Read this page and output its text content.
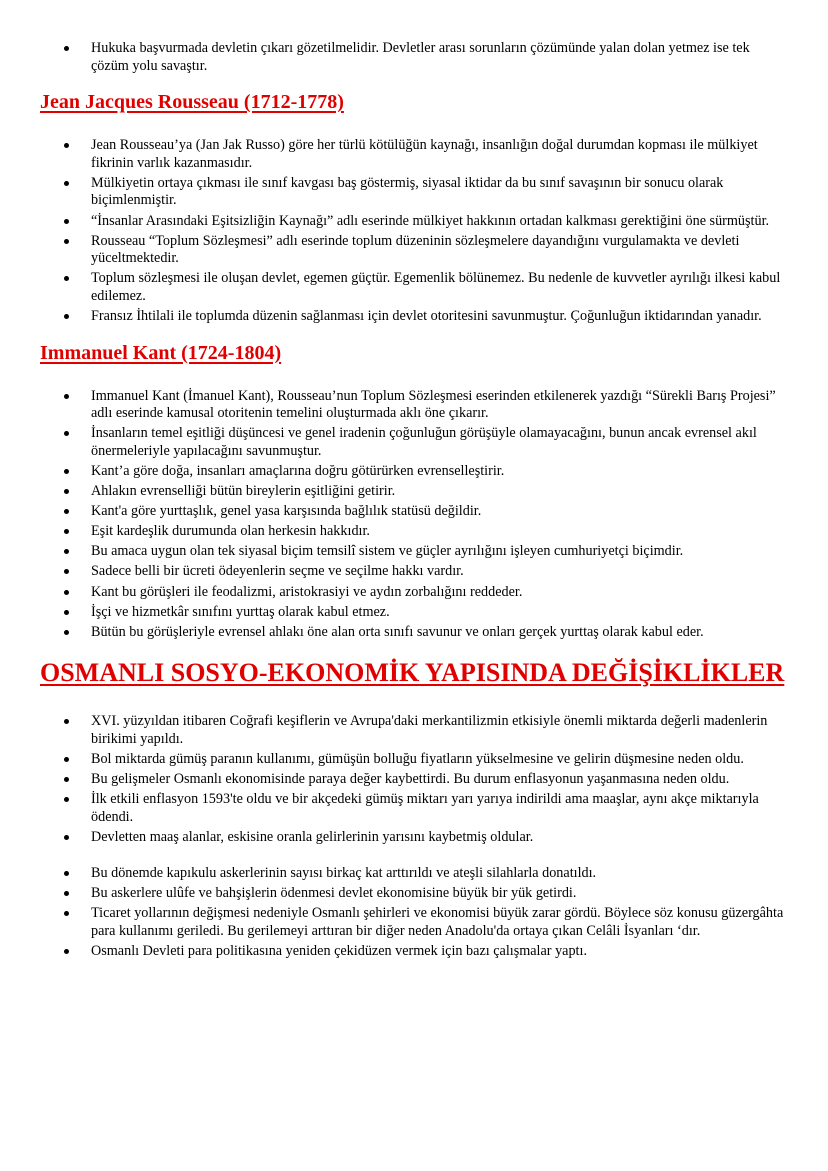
Hukuka başvurmada devletin çıkarı gözetilmelidir. Devletler arası sorunların çözümünde yalan dolan yetmez ise tek çözüm yolu savaştır.
Jean Jacques Rousseau (1712-1778)
Jean Rousseau’ya (Jan Jak Russo) göre her türlü kötülüğün kaynağı, insanlığın doğal durumdan kopması ile mülkiyet fikrinin varlık kazanmasıdır.
Mülkiyetin ortaya çıkması ile sınıf kavgası baş göstermiş, siyasal iktidar da bu sınıf savaşının bir sonucu olarak biçimlenmiştir.
“İnsanlar Arasındaki Eşitsizliğin Kaynağı” adlı eserinde mülkiyet hakkının ortadan kalkması gerektiğini öne sürmüştür.
Rousseau “Toplum Sözleşmesi” adlı eserinde toplum düzeninin sözleşmelere dayandığını vurgulamakta ve devleti yüceltmektedir.
Toplum sözleşmesi ile oluşan devlet, egemen güçtür. Egemenlik bölünemez. Bu nedenle de kuvvetler ayrılığı ilkesi kabul edilemez.
Fransız İhtilali ile toplumda düzenin sağlanması için devlet otoritesini savunmuştur. Çoğunluğun iktidarından yanadır.
Immanuel Kant (1724-1804)
Immanuel Kant (İmanuel Kant), Rousseau’nun Toplum Sözleşmesi eserinden etkilenerek yazdığı “Sürekli Barış Projesi” adlı eserinde kamusal otoritenin temelini oluşturmada aklı öne çıkarır.
İnsanların temel eşitliği düşüncesi ve genel iradenin çoğunluğun görüşüyle olamayacağını, bunun ancak evrensel akıl önermeleriyle yapılacağını savunmuştur.
Kant’a göre doğa, insanları amaçlarına doğru götürürken evrenselleştirir.
Ahlakın evrenselliği bütün bireylerin eşitliğini getirir.
Kant'a göre yurttaşlık, genel yasa karşısında bağlılık statüsü değildir.
Eşit kardeşlik durumunda olan herkesin hakkıdır.
Bu amaca uygun olan tek siyasal biçim temsilî sistem ve güçler ayrılığını işleyen cumhuriyetçi biçimdir.
Sadece belli bir ücreti ödeyenlerin seçme ve seçilme hakkı vardır.
Kant bu görüşleri ile feodalizmi, aristokrasiyi ve aydın zorbalığını reddeder.
İşçi ve hizmetkâr sınıfını yurttaş olarak kabul etmez.
Bütün bu görüşleriyle evrensel ahlakı öne alan orta sınıfı savunur ve onları gerçek yurttaş olarak kabul eder.
OSMANLI SOSYO-EKONOMİK YAPISINDA DEĞİŞİKLİKLER
XVI. yüzyıldan itibaren Coğrafi keşiflerin ve Avrupa'daki merkantilizmin etkisiyle önemli miktarda değerli madenlerin birikimi yapıldı.
Bol miktarda gümüş paranın kullanımı, gümüşün bolluğu fiyatların yükselmesine ve gelirin düşmesine neden oldu.
Bu gelişmeler Osmanlı ekonomisinde paraya değer kaybettirdi. Bu durum enflasyonun yaşanmasına neden oldu.
İlk etkili enflasyon 1593'te oldu ve bir akçedeki gümüş miktarı yarı yarıya indirildi ama maaşlar, aynı akçe miktarıyla ödendi.
Devletten maaş alanlar, eskisine oranla gelirlerinin yarısını kaybetmiş oldular.
Bu dönemde kapıkulu askerlerinin sayısı birkaç kat arttırıldı ve ateşli silahlarla donatıldı.
Bu askerlere ulûfe ve bahşişlerin ödenmesi devlet ekonomisine büyük bir yük getirdi.
Ticaret yollarının değişmesi nedeniyle Osmanlı şehirleri ve ekonomisi büyük zarar gördü. Böylece söz konusu güzergâhta para kullanımı geriledi. Bu gerilemeyi arttıran bir diğer neden Anadolu'da ortaya çıkan Celâli İsyanları ‘dır.
Osmanlı Devleti para politikasına yeniden çekidüzen vermek için bazı çalışmalar yaptı.
